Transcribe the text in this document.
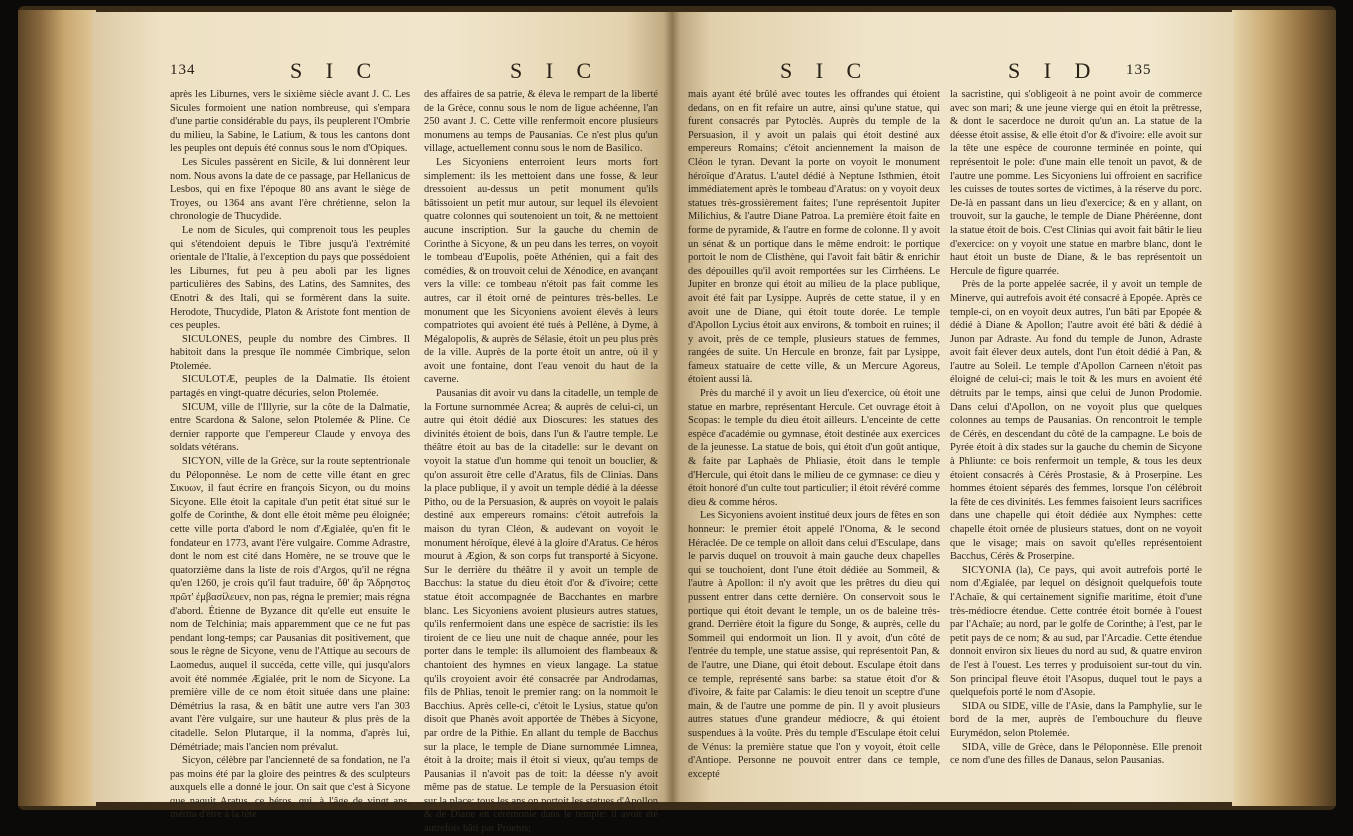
134	S I C	S I C	S I C	S I D 135

après les Liburnes, vers le sixième siècle avant J. C. Les Sicules formoient une nation nombreuse, qui s'empara d'une partie considérable du pays, ils peuplerent l'Ombrie du milieu, la Sabine, le Latium, & tous les cantons dont les peuples ont depuis été connus sous le nom d'Opiques.

Les Sicules passèrent en Sicile, & lui donnèrent leur nom. Nous avons la date de ce passage, par Hellanicus de Lesbos, qui en fixe l'époque 80 ans avant le siège de Troyes, ou 1364 ans avant l'ère chrétienne, selon la chronologie de Thucydide.

Le nom de Sicules, qui comprenoit tous les peuples qui s'étendoient depuis le Tibre jusqu'à l'extrémité orientale de l'Italie, à l'exception du pays que possédoient les Liburnes, fut peu à peu aboli par les lignes particulières des Sabins, des Latins, des Samnites, des Œnotri & des Itali, qui se formèrent dans la suite. Herodote, Thucydide, Platon & Aristote font mention de ces peuples.

SICULONES, peuple du nombre des Cimbres. Il habitoit dans la presque île nommée Cimbrique, selon Ptolemée.

SICULOTÆ, peuples de la Dalmatie. Ils étoient partagés en vingt-quatre décuries, selon Ptolemée.

SICUM, ville de l'Illyrie, sur la côte de la Dalmatie, entre Scardona & Salone, selon Ptolemée & Pline. Ce dernier rapporte que l'empereur Claude y envoya des soldats vétérans.

SICYON, ville de la Grèce, sur la route septentrionale du Péloponnèse. Le nom de cette ville étant en grec Σικυων, il faut écrire en françois Sicyon, ou du moins Sicyone. Elle étoit la capitale d'un petit état situé sur le golfe de Corinthe, & dont elle étoit même peu éloignée; cette ville porta d'abord le nom d'Ægialée, qu'en fit le fondateur en 1773, avant l'ère vulgaire. Comme Adrastre, dont le nom est cité dans Homère, ne se trouve que le quatorzième dans la liste de rois d'Argos, qu'il ne régna qu'en 1260, je crois qu'il faut traduire, ὅθ' ἄρ Ἄδρηστος πρῶτ' ἐμβασίλευεν, non pas, régna le premier; mais régna d'abord. Étienne de Byzance dit qu'elle eut ensuite le nom de Telchinia; mais apparemment que ce ne fut pas pendant long-temps; car Pausanias dit positivement, que sous le règne de Sicyone, venu de l'Attique au secours de Laomedus, auquel il succéda, cette ville, qui jusqu'alors avoit été nommée Ægialée, prit le nom de Sicyone. La première ville de ce nom étoit située dans une plaine: Démétrius la rasa, & en bâtit une autre vers l'an 303 avant l'ère vulgaire, sur une hauteur & plus près de la citadelle. Selon Plutarque, il la nomma, d'après lui, Démétriade; mais l'ancien nom prévalut.

Sicyon, célèbre par l'ancienneté de sa fondation, ne l'a pas moins été par la gloire des peintres & des sculpteurs auxquels elle a donné le jour. On sait que c'est à Sicyone que naquit Aratus, ce héros, qui, à l'âge de vingt ans, mérita d'être à la tête

des affaires de sa patrie, & éleva le rempart de la liberté de la Grèce, connu sous le nom de ligue achéenne, l'an 250 avant J. C. Cette ville renfermoit encore plusieurs monumens au temps de Pausanias. Ce n'est plus qu'un village, actuellement connu sous le nom de Basilico.

Les Sicyoniens enterroient leurs morts fort simplement: ils les mettoient dans une fosse, & leur dressoient au-dessus un petit monument qu'ils bâtissoient un petit mur autour, sur lequel ils élevoient quatre colonnes qui soutenoient un toit, & ne mettoient aucune inscription. Sur la gauche du chemin de Corinthe à Sicyone, & un peu dans les terres, on voyoit le tombeau d'Eupolis, poëte Athénien, qui a fait des comédies, & on trouvoit celui de Xénodice, en avançant vers la ville: ce tombeau n'étoit pas fait comme les autres, car il étoit orné de peintures très-belles. Le monument que les Sicyoniens avoient élevés à leurs compatriotes qui avoient été tués à Pellène, à Dyme, à Mégalopolis, & auprès de Sélasie, étoit un peu plus près de la ville. Auprès de la porte étoit un antre, où il y avoit une fontaine, dont l'eau venoit du haut de la caverne.

Pausanias dit avoir vu dans la citadelle, un temple de la Fortune surnommée Acrea; & auprès de celui-ci, un autre qui étoit dédié aux Dioscures: les statues des divinités étoient de bois, dans l'un & l'autre temple. Le théâtre étoit au bas de la citadelle: sur le devant on voyoit la statue d'un homme qui tenoit un bouclier, & qu'on assuroit être celle d'Aratus, fils de Clinias. Dans la place publique, il y avoit un temple dédié à la déesse Pitho, ou de la Persuasion, & auprès on voyoit le palais destiné aux empereurs romains: c'étoit autrefois la maison du tyran Cléon, & audevant on voyoit le monument héroïque, élevé à la gloire d'Aratus. Ce héros mourut à Ægion, & son corps fut transporté à Sicyone. Sur le derrière du théâtre il y avoit un temple de Bacchus: la statue du dieu étoit d'or & d'ivoire; cette statue étoit accompagnée de Bacchantes en marbre blanc. Les Sicyoniens avoient plusieurs autres statues, qu'ils renfermoient dans une espèce de sacristie: ils les tiroient de ce lieu une nuit de chaque année, pour les porter dans le temple: ils allumoient des flambeaux & chantoient des hymnes en vieux langage. La statue qu'ils croyoient avoir été consacrée par Androdamas, fils de Phlias, tenoit le premier rang: on la nommoit le Bacchius. Après celle-ci, c'étoit le Lysius, statue qu'on disoit que Phanès avoit apportée de Thèbes à Sicyone, par ordre de la Pithie. En allant du temple de Bacchus sur la place, le temple de Diane surnommée Limnea, étoit à la droite; mais il étoit si vieux, qu'au temps de Pausanias il n'avoit pas de toit: la déesse n'y avoit même pas de statue. Le temple de la Persuasion étoit sur la place: tous les ans on portoit les statues d'Apollon & de Diane en cérémonie dans le temple: il avoit été autrefois bâti par Proetus;

mais ayant été brûlé avec toutes les offrandes qui étoient dedans, on en fit refaire un autre, ainsi qu'une statue, qui furent consacrés par Pytoclès. Auprès du temple de la Persuasion, il y avoit un palais qui étoit destiné aux empereurs Romains; c'étoit anciennement la maison de Cléon le tyran. Devant la porte on voyoit le monument héroïque d'Aratus. L'autel dédié à Neptune Isthmien, étoit immédiatement après le tombeau d'Aratus: on y voyoit deux statues très-grossièrement faites; l'une représentoit Jupiter Milichius, & l'autre Diane Patroa. La première étoit faite en forme de pyramide, & l'autre en forme de colonne. Il y avoit un sénat & un portique dans le même endroit: le portique portoit le nom de Clisthène, qui l'avoit fait bâtir & enrichir des dépouilles qu'il avoit remportées sur les Cirrhéens. Le Jupiter en bronze qui étoit au milieu de la place publique, avoit été fait par Lysippe. Auprès de cette statue, il y en avoit une de Diane, qui étoit toute dorée. Le temple d'Apollon Lycius étoit aux environs, & tomboit en ruines; il y avoit, près de ce temple, plusieurs statues de femmes, rangées de suite. Un Hercule en bronze, fait par Lysippe, fameux statuaire de cette ville, & un Mercure Agoreus, étoient aussi là.

Près du marché il y avoit un lieu d'exercice, où étoit une statue en marbre, représentant Hercule. Cet ouvrage étoit à Scopas: le temple du dieu étoit ailleurs. L'enceinte de cette espèce d'académie ou gymnase, étoit destinée aux exercices de la jeunesse. La statue de bois, qui étoit d'un goût antique, & faite par Laphaès de Phliasie, étoit dans le temple d'Hercule, qui étoit dans le milieu de ce gymnase: ce dieu y étoit honoré d'un culte tout particulier; il étoit révéré comme dieu & comme héros.

Les Sicyoniens avoient institué deux jours de fêtes en son honneur: le premier étoit appelé l'Onoma, & le second Héraclée. De ce temple on alloit dans celui d'Esculape, dans le parvis duquel on trouvoit à main gauche deux chapelles qui se touchoient, dont l'une étoit dédiée au Sommeil, & l'autre à Apollon: il n'y avoit que les prêtres du dieu qui pussent entrer dans cette dernière. On conservoit sous le portique qui étoit devant le temple, un os de baleine très-grand. Derrière étoit la figure du Songe, & auprès, celle du Sommeil qui endormoit un lion. Il y avoit, d'un côté de l'entrée du temple, une statue assise, qui représentoit Pan, & de l'autre, une Diane, qui étoit debout. Esculape étoit dans ce temple, représenté sans barbe: sa statue étoit d'or & d'ivoire, & faite par Calamis: le dieu tenoit un sceptre d'une main, & de l'autre une pomme de pin. Il y avoit plusieurs autres statues d'une grandeur médiocre, & qui étoient suspendues à la voûte. Près du temple d'Esculape étoit celui de Vénus: la première statue que l'on y voyoit, étoit celle d'Antiope. Personne ne pouvoit entrer dans ce temple, excepté

la sacristine, qui s'obligeoit à ne point avoir de commerce avec son mari; & une jeune vierge qui en étoit la prêtresse, & dont le sacerdoce ne duroit qu'un an. La statue de la déesse étoit assise, & elle étoit d'or & d'ivoire: elle avoit sur la tête une espèce de couronne terminée en pointe, qui représentoit le pole: d'une main elle tenoit un pavot, & de l'autre une pomme. Les Sicyoniens lui offroient en sacrifice les cuisses de toutes sortes de victimes, à la réserve du porc. De-là en passant dans un lieu d'exercice; & en y allant, on trouvoit, sur la gauche, le temple de Diane Phéréenne, dont la statue étoit de bois. C'est Clinias qui avoit fait bâtir le lieu d'exercice: on y voyoit une statue en marbre blanc, dont le haut étoit un buste de Diane, & le bas représentoit un Hercule de figure quarrée.

Près de la porte appelée sacrée, il y avoit un temple de Minerve, qui autrefois avoit été consacré à Epopée. Après ce temple-ci, on en voyoit deux autres, l'un bâti par Epopée & dédié à Diane & Apollon; l'autre avoit été bâti & dédié à Junon par Adraste. Au fond du temple de Junon, Adraste avoit fait élever deux autels, dont l'un étoit dédié à Pan, & l'autre au Soleil. Le temple d'Apollon Carneen n'étoit pas éloigné de celui-ci; mais le toit & les murs en avoient été détruits par le temps, ainsi que celui de Junon Prodomie. Dans celui d'Apollon, on ne voyoit plus que quelques colonnes au temps de Pausanias. On rencontroit le temple de Cérès, en descendant du côté de la campagne. Le bois de Pyrée étoit à dix stades sur la gauche du chemin de Sicyone à Phliunte: ce bois renfermoit un temple, & tous les deux étoient consacrés à Cérès Prostasie, & à Proserpine. Les hommes étoient séparés des femmes, lorsque l'on célébroit la fête de ces divinités. Les femmes faisoient leurs sacrifices dans une chapelle qui étoit dédiée aux Nymphes: cette chapelle étoit ornée de plusieurs statues, dont on ne voyoit que le visage; mais on savoit qu'elles représentoient Bacchus, Cérès & Proserpine.

SICYONIA (la), Ce pays, qui avoit autrefois porté le nom d'Ægialée, par lequel on désignoit quelquefois toute l'Achaïe, & qui certainement signifie maritime, étoit d'une très-médiocre étendue. Cette contrée étoit bornée à l'ouest par l'Achaïe; au nord, par le golfe de Corinthe; à l'est, par le petit pays de ce nom; & au sud, par l'Arcadie. Cette étendue donnoit environ six lieues du nord au sud, & quatre environ de l'est à l'ouest. Les terres y produisoient sur-tout du vin. Son principal fleuve étoit l'Asopus, duquel tout le pays a quelquefois porté le nom d'Asopie.

SIDA ou SIDE, ville de l'Asie, dans la Pamphylie, sur le bord de la mer, auprès de l'embouchure du fleuve Eurymédon, selon Ptolemée.

SIDA, ville de Grèce, dans le Péloponnèse. Elle prenoit ce nom d'une des filles de Danaus, selon Pausanias.
